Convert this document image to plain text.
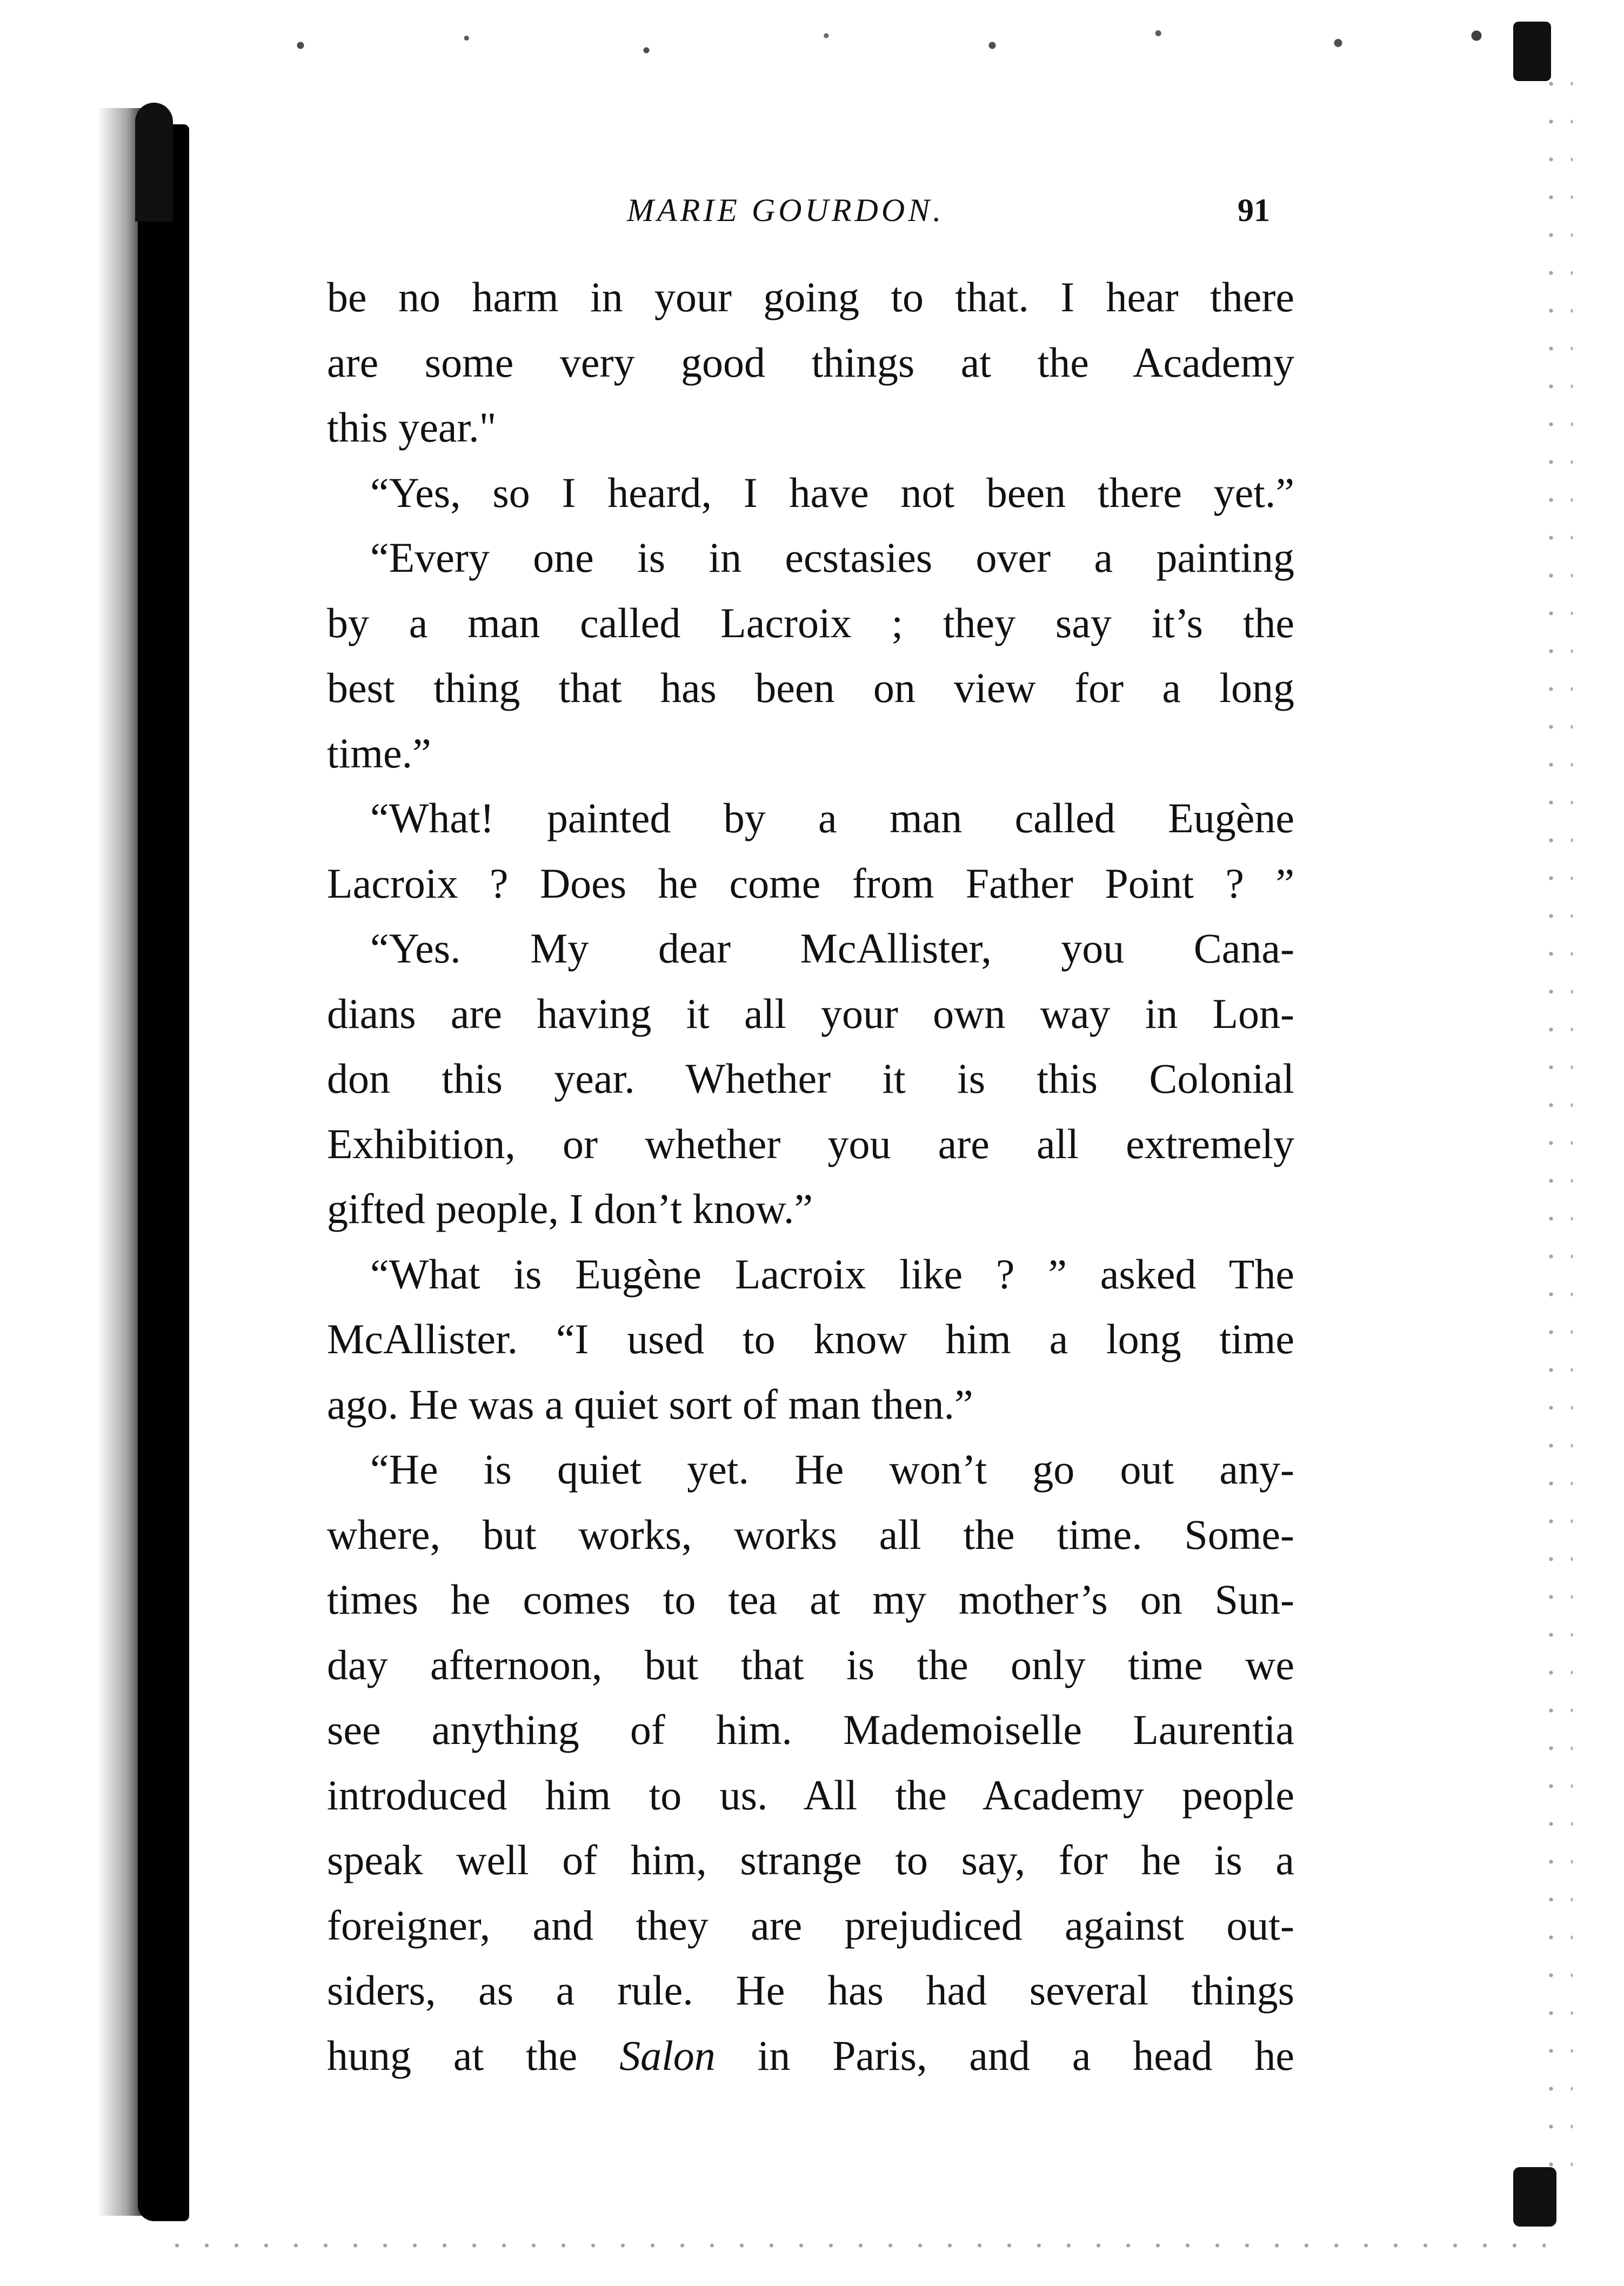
MARIE GOURDON.	91
be no harm in your going to that. I hear there
are some very good things at the Academy
this year."
“Yes, so I heard, I have not been there yet.”
“Every one is in ecstasies over a painting
by a man called Lacroix ; they say it’s the
best thing that has been on view for a long
time.”
“What! painted by a man called Eugène
Lacroix ? Does he come from Father Point ? ”
“Yes. My dear McAllister, you Cana-
dians are having it all your own way in Lon-
don this year. Whether it is this Colonial
Exhibition, or whether you are all extremely
gifted people, I don’t know.”
“What is Eugène Lacroix like ? ” asked The
McAllister. “I used to know him a long time
ago. He was a quiet sort of man then.”
“He is quiet yet. He won’t go out any-
where, but works, works all the time. Some-
times he comes to tea at my mother’s on Sun-
day afternoon, but that is the only time we
see anything of him. Mademoiselle Laurentia
introduced him to us. All the Academy people
speak well of him, strange to say, for he is a
foreigner, and they are prejudiced against out-
siders, as a rule. He has had several things
hung at the Salon in Paris, and a head he
